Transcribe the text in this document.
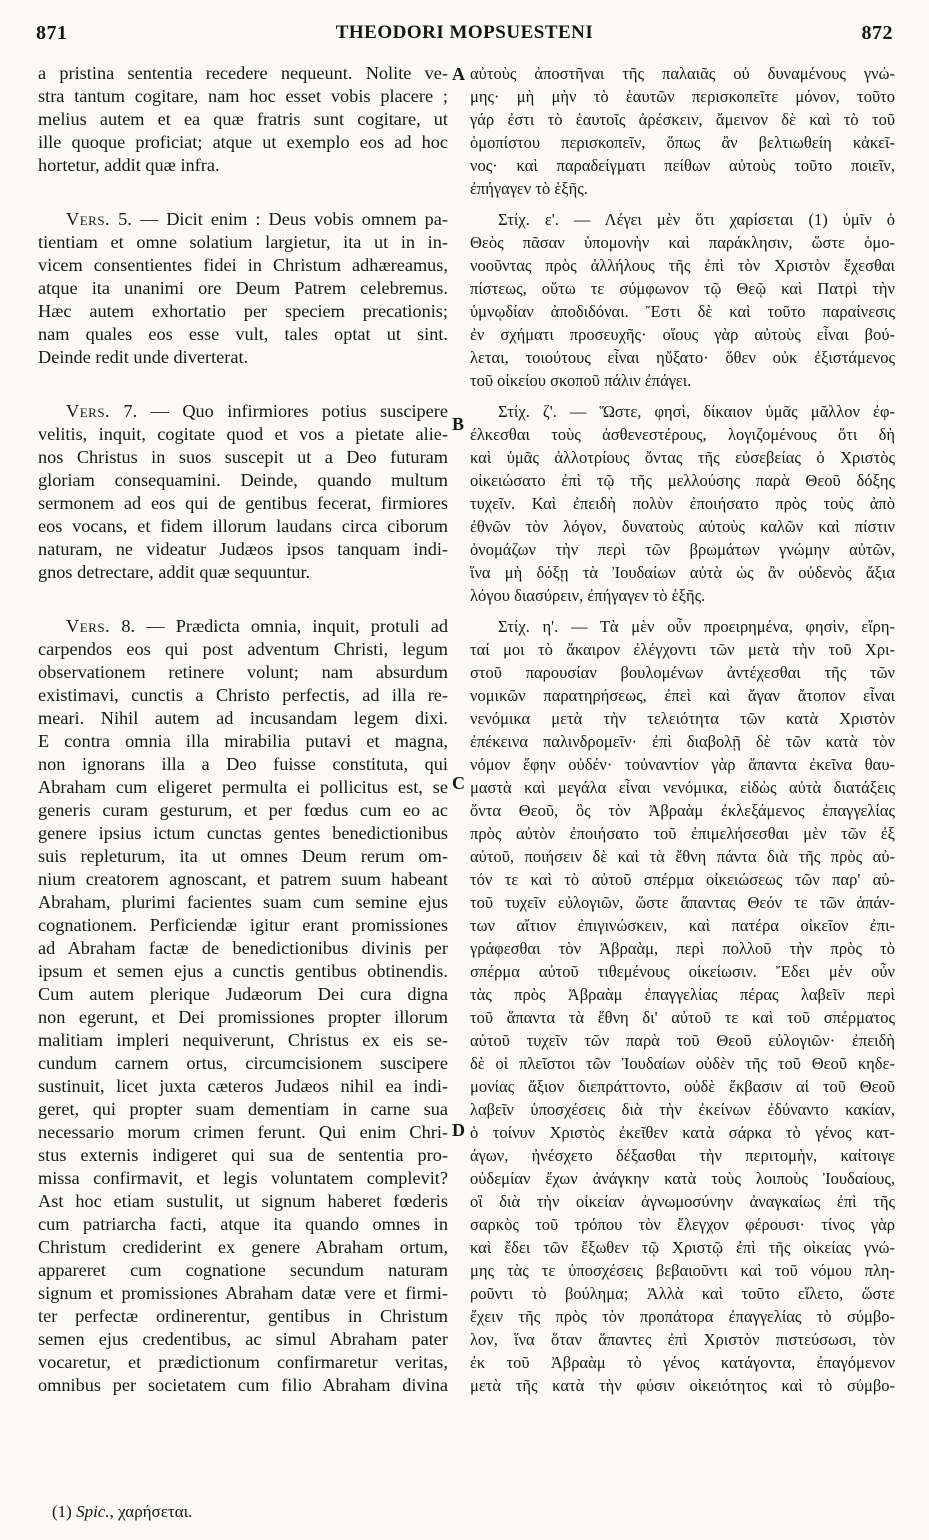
871	THEODORI MOPSUESTENI	872
A
B
C
D
a pristina sententia recedere nequeunt. Nolite ve-
stra tantum cogitare, nam hoc esset vobis placere ;
melius autem et ea quæ fratris sunt cogitare, ut
ille quoque proficiat; atque ut exemplo eos ad hoc
hortetur, addit quæ infra.
Vers. 5. — Dicit enim : Deus vobis omnem pa-
tientiam et omne solatium largietur, ita ut in in-
vicem consentientes fidei in Christum adhæreamus,
atque ita unanimi ore Deum Patrem celebremus.
Hæc autem exhortatio per speciem precationis;
nam quales eos esse vult, tales optat ut sint.
Deinde redit unde diverterat.
Vers. 7. — Quo infirmiores potius suscipere
velitis, inquit, cogitate quod et vos a pietate alie-
nos Christus in suos suscepit ut a Deo futuram
gloriam consequamini. Deinde, quando multum
sermonem ad eos qui de gentibus fecerat, firmiores
eos vocans, et fidem illorum laudans circa ciborum
naturam, ne videatur Judæos ipsos tanquam indi-
gnos detrectare, addit quæ sequuntur.
Vers. 8. — Prædicta omnia, inquit, protuli ad
carpendos eos qui post adventum Christi, legum
observationem retinere volunt; nam absurdum
existimavi, cunctis a Christo perfectis, ad illa re-
meari. Nihil autem ad incusandam legem dixi.
E contra omnia illa mirabilia putavi et magna,
non ignorans illa a Deo fuisse constituta, qui
Abraham cum eligeret permulta ei pollicitus est, se
generis curam gesturum, et per fœdus cum eo ac
genere ipsius ictum cunctas gentes benedictionibus
suis repleturum, ita ut omnes Deum rerum om-
nium creatorem agnoscant, et patrem suum habeant
Abraham, plurimi facientes suam cum semine ejus
cognationem. Perficiendæ igitur erant promissiones
ad Abraham factæ de benedictionibus divinis per
ipsum et semen ejus a cunctis gentibus obtinendis.
Cum autem plerique Judæorum Dei cura digna
non egerunt, et Dei promissiones propter illorum
malitiam impleri nequiverunt, Christus ex eis se-
cundum carnem ortus, circumcisionem suscipere
sustinuit, licet juxta cæteros Judæos nihil ea indi-
geret, qui propter suam dementiam in carne sua
necessario morum crimen ferunt. Qui enim Chri-
stus externis indigeret qui sua de sententia pro-
missa confirmavit, et legis voluntatem complevit?
Ast hoc etiam sustulit, ut signum haberet fœderis
cum patriarcha facti, atque ita quando omnes in
Christum crediderint ex genere Abraham ortum,
appareret cum cognatione secundum naturam
signum et promissiones Abraham datæ vere et firmi-
ter perfectæ ordinerentur, gentibus in Christum
semen ejus credentibus, ac simul Abraham pater
vocaretur, et prædictionum confirmaretur veritas,
omnibus per societatem cum filio Abraham divina
αὐτοὺς ἀποστῆναι τῆς παλαιᾶς οὐ δυναμένους γνώ-
μης· μὴ μὴν τὸ ἑαυτῶν περισκοπεῖτε μόνον, τοῦτο
γάρ ἐστι τὸ ἑαυτοῖς ἀρέσκειν, ἄμεινον δὲ καὶ τὸ τοῦ
ὁμοπίστου περισκοπεῖν, ὅπως ἂν βελτιωθείη κἀκεῖ-
νος· καὶ παραδείγματι πείθων αὐτοὺς τοῦτο ποιεῖν,
ἐπήγαγεν τὸ ἑξῆς.
Στίχ. ε'. — Λέγει μὲν ὅτι χαρίσεται (1) ὑμῖν ὁ
Θεὸς πᾶσαν ὑπομονὴν καὶ παράκλησιν, ὥστε ὁμο-
νοοῦντας πρὸς ἀλλήλους τῆς ἐπὶ τὸν Χριστὸν ἔχεσθαι
πίστεως, οὕτω τε σύμφωνον τῷ Θεῷ καὶ Πατρὶ τὴν
ὑμνῳδίαν ἀποδιδόναι. Ἔστι δὲ καὶ τοῦτο παραίνεσις
ἐν σχήματι προσευχῆς· οἵους γὰρ αὐτοὺς εἶναι βού-
λεται, τοιούτους εἶναι ηὔξατο· ὅθεν οὐκ ἐξιστάμενος
τοῦ οἰκείου σκοποῦ πάλιν ἐπάγει.
Στίχ. ζ'. — Ὥστε, φησὶ, δίκαιον ὑμᾶς μᾶλλον ἐφ-
έλκεσθαι τοὺς ἀσθενεστέρους, λογιζομένους ὅτι δὴ
καὶ ὑμᾶς ἀλλοτρίους ὄντας τῆς εὐσεβείας ὁ Χριστὸς
οἰκειώσατο ἐπὶ τῷ τῆς μελλούσης παρὰ Θεοῦ δόξης
τυχεῖν. Καὶ ἐπειδὴ πολὺν ἐποιήσατο πρὸς τοὺς ἀπὸ
ἐθνῶν τὸν λόγον, δυνατοὺς αὐτοὺς καλῶν καὶ πίστιν
ὀνομάζων τὴν περὶ τῶν βρωμάτων γνώμην αὐτῶν,
ἵνα μὴ δόξῃ τὰ Ἰουδαίων αὐτὰ ὡς ἂν οὐδενὸς ἄξια
λόγου διασύρειν, ἐπήγαγεν τὸ ἑξῆς.
Στίχ. η'. — Τὰ μὲν οὖν προειρημένα, φησὶν, εἴρη-
ταί μοι τὸ ἄκαιρον ἐλέγχοντι τῶν μετὰ τὴν τοῦ Χρι-
στοῦ παρουσίαν βουλομένων ἀντέχεσθαι τῆς τῶν
νομικῶν παρατηρήσεως, ἐπεὶ καὶ ἄγαν ἄτοπον εἶναι
νενόμικα μετὰ τὴν τελειότητα τῶν κατὰ Χριστὸν
ἐπέκεινα παλινδρομεῖν· ἐπὶ διαβολῇ δὲ τῶν κατὰ τὸν
νόμον ἔφην οὐδέν· τοὐναντίον γὰρ ἅπαντα ἐκεῖνα θαυ-
μαστὰ καὶ μεγάλα εἶναι νενόμικα, εἰδὼς αὐτὰ διατάξεις
ὄντα Θεοῦ, ὃς τὸν Ἀβραὰμ ἐκλεξάμενος ἐπαγγελίας
πρὸς αὐτὸν ἐποιήσατο τοῦ ἐπιμελήσεσθαι μὲν τῶν ἐξ
αὐτοῦ, ποιήσειν δὲ καὶ τὰ ἔθνη πάντα διὰ τῆς πρὸς αὐ-
τόν τε καὶ τὸ αὐτοῦ σπέρμα οἰκειώσεως τῶν παρ' αὐ-
τοῦ τυχεῖν εὐλογιῶν, ὥστε ἅπαντας Θεόν τε τῶν ἁπάν-
των αἴτιον ἐπιγινώσκειν, καὶ πατέρα οἰκεῖον ἐπι-
γράφεσθαι τὸν Ἀβραὰμ, περὶ πολλοῦ τὴν πρὸς τὸ
σπέρμα αὐτοῦ τιθεμένους οἰκείωσιν. Ἔδει μὲν οὖν
τὰς πρὸς Ἀβραὰμ ἐπαγγελίας πέρας λαβεῖν περὶ
τοῦ ἅπαντα τὰ ἔθνη δι' αὐτοῦ τε καὶ τοῦ σπέρματος
αὐτοῦ τυχεῖν τῶν παρὰ τοῦ Θεοῦ εὐλογιῶν· ἐπειδὴ
δὲ οἱ πλεῖστοι τῶν Ἰουδαίων οὐδὲν τῆς τοῦ Θεοῦ κηδε-
μονίας ἄξιον διεπράττοντο, οὐδὲ ἔκβασιν αἱ τοῦ Θεοῦ
λαβεῖν ὑποσχέσεις διὰ τὴν ἐκείνων ἐδύναντο κακίαν,
ὁ τοίνυν Χριστὸς ἐκεῖθεν κατὰ σάρκα τὸ γένος κατ-
άγων, ἠνέσχετο δέξασθαι τὴν περιτομὴν, καίτοιγε
οὐδεμίαν ἔχων ἀνάγκην κατὰ τοὺς λοιποὺς Ἰουδαίους,
οἳ διὰ τὴν οἰκείαν ἀγνωμοσύνην ἀναγκαίως ἐπὶ τῆς
σαρκὸς τοῦ τρόπου τὸν ἔλεγχον φέρουσι· τίνος γὰρ
καὶ ἔδει τῶν ἔξωθεν τῷ Χριστῷ ἐπὶ τῆς οἰκείας γνώ-
μης τὰς τε ὑποσχέσεις βεβαιοῦντι καὶ τοῦ νόμου πλη-
ροῦντι τὸ βούλημα; Ἀλλὰ καὶ τοῦτο εἵλετο, ὥστε
ἔχειν τῆς πρὸς τὸν προπάτορα ἐπαγγελίας τὸ σύμβο-
λον, ἵνα ὅταν ἅπαντες ἐπὶ Χριστὸν πιστεύσωσι, τὸν
ἐκ τοῦ Ἀβραὰμ τὸ γένος κατάγοντα, ἐπαγόμενον
μετὰ τῆς κατὰ τὴν φύσιν οἰκειότητος καὶ τὸ σύμβο-
(1) Spic., χαρήσεται.
